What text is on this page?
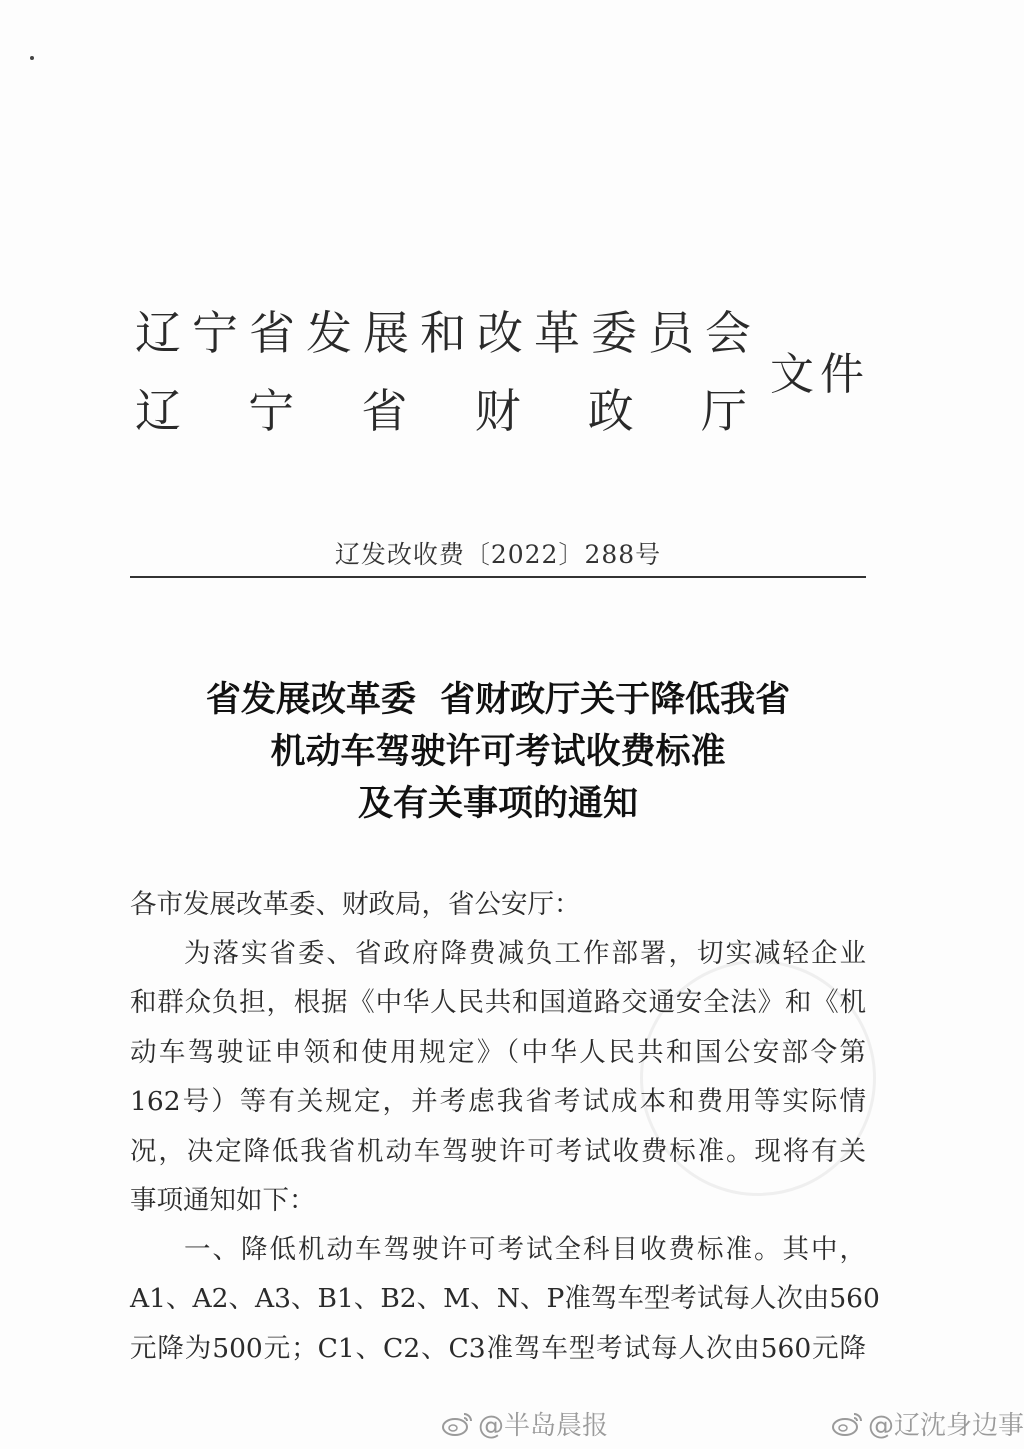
辽宁省发展和改革委员会
辽 宁 省 财 政 厅
文件
辽发改收费〔2022〕288号
省发展改革委  省财政厅关于降低我省
机动车驾驶许可考试收费标准
及有关事项的通知
各市发展改革委、财政局，省公安厅：
为落实省委、省政府降费减负工作部署，切实减轻企业
和群众负担，根据《中华人民共和国道路交通安全法》和《机
动车驾驶证申领和使用规定》（中华人民共和国公安部令第
162号）等有关规定，并考虑我省考试成本和费用等实际情
况，决定降低我省机动车驾驶许可考试收费标准。现将有关
事项通知如下：
一、降低机动车驾驶许可考试全科目收费标准。其中，
A1、A2、A3、B1、B2、M、N、P准驾车型考试每人次由560
元降为500元；C1、C2、C3准驾车型考试每人次由560元降
@半岛晨报	@辽沈身边事
